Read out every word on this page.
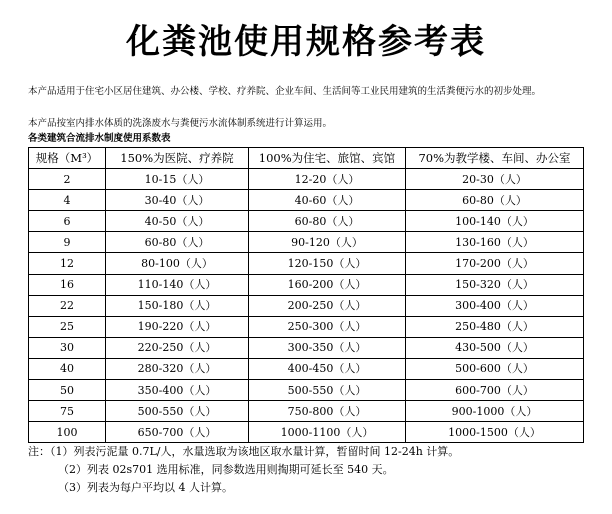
化粪池使用规格参考表
本产品适用于住宅小区居住建筑、办公楼、学校、疗养院、企业车间、生活间等工业民用建筑的生活粪便污水的初步处理。
本产品按室内排水体质的洗涤废水与粪便污水流体制系统进行计算运用。
各类建筑合流排水制度使用系数表
规格（M³）	150%为医院、疗养院	100%为住宅、旅馆、宾馆	70%为教学楼、车间、办公室
2	10-15（人）	12-20（人）	20-30（人）
4	30-40（人）	40-60（人）	60-80（人）
6	40-50（人）	60-80（人）	100-140（人）
9	60-80（人）	90-120（人）	130-160（人）
12	80-100（人）	120-150（人）	170-200（人）
16	110-140（人）	160-200（人）	150-320（人）
22	150-180（人）	200-250（人）	300-400（人）
25	190-220（人）	250-300（人）	250-480（人）
30	220-250（人）	300-350（人）	430-500（人）
40	280-320（人）	400-450（人）	500-600（人）
50	350-400（人）	500-550（人）	600-700（人）
75	500-550（人）	750-800（人）	900-1000（人）
100	650-700（人）	1000-1100（人）	1000-1500（人）
注：（1）列表污泥量 0.7L/人，水量选取为该地区取水量计算，暂留时间 12-24h 计算。
（2）列表 02s701 选用标准，同参数选用则掏期可延长至 540 天。
（3）列表为每户平均以 4 人计算。
